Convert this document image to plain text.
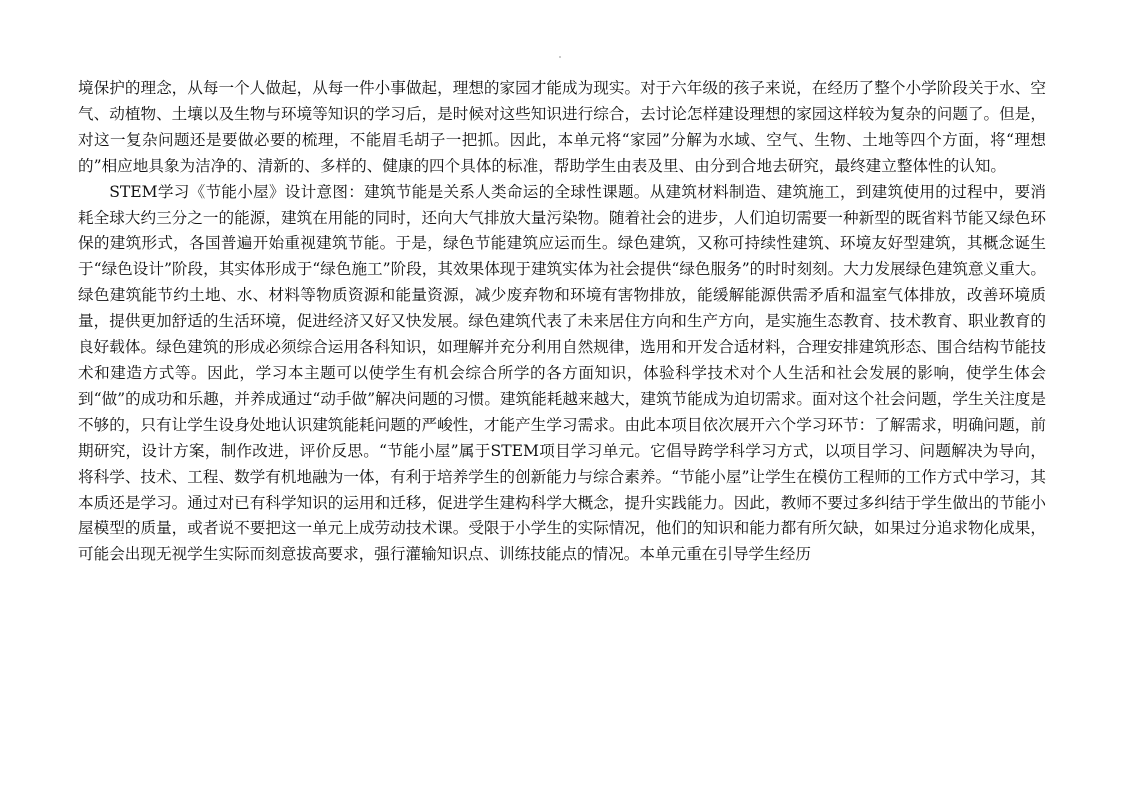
境保护的理念，从每一个人做起，从每一件小事做起，理想的家园才能成为现实。对于六年级的孩子来说，在经历了整个小学阶段关于水、空气、动植物、土壤以及生物与环境等知识的学习后，是时候对这些知识进行综合，去讨论怎样建设理想的家园这样较为复杂的问题了。但是，对这一复杂问题还是要做必要的梳理，不能眉毛胡子一把抓。因此，本单元将“家园”分解为水域、空气、生物、土地等四个方面，将“理想的”相应地具象为洁净的、清新的、多样的、健康的四个具体的标准，帮助学生由表及里、由分到合地去研究，最终建立整体性的认知。

STEM学习《节能小屋》设计意图：建筑节能是关系人类命运的全球性课题。从建筑材料制造、建筑施工，到建筑使用的过程中，要消耗全球大约三分之一的能源，建筑在用能的同时，还向大气排放大量污染物。随着社会的进步，人们迫切需要一种新型的既省料节能又绿色环保的建筑形式，各国普遍开始重视建筑节能。于是，绿色节能建筑应运而生。绿色建筑，又称可持续性建筑、环境友好型建筑，其概念诞生于“绿色设计”阶段，其实体形成于“绿色施工”阶段，其效果体现于建筑实体为社会提供“绿色服务”的时时刻刻。大力发展绿色建筑意义重大。绿色建筑能节约土地、水、材料等物质资源和能量资源，减少废弃物和环境有害物排放，能缓解能源供需矛盾和温室气体排放，改善环境质量，提供更加舒适的生活环境，促进经济又好又快发展。绿色建筑代表了未来居住方向和生产方向，是实施生态教育、技术教育、职业教育的良好载体。绿色建筑的形成必须综合运用各科知识，如理解并充分利用自然规律，选用和开发合适材料，合理安排建筑形态、围合结构节能技术和建造方式等。因此，学习本主题可以使学生有机会综合所学的各方面知识，体验科学技术对个人生活和社会发展的影响，使学生体会到“做”的成功和乐趣，并养成通过“动手做”解决问题的习惯。建筑能耗越来越大，建筑节能成为迫切需求。面对这个社会问题，学生关注度是不够的，只有让学生设身处地认识建筑能耗问题的严峻性，才能产生学习需求。由此本项目依次展开六个学习环节：了解需求，明确问题，前期研究，设计方案，制作改进，评价反思。“节能小屋”属于STEM项目学习单元。它倡导跨学科学习方式，以项目学习、问题解决为导向，将科学、技术、工程、数学有机地融为一体，有利于培养学生的创新能力与综合素养。“节能小屋”让学生在模仿工程师的工作方式中学习，其本质还是学习。通过对已有科学知识的运用和迁移，促进学生建构科学大概念，提升实践能力。因此，教师不要过多纠结于学生做出的节能小屋模型的质量，或者说不要把这一单元上成劳动技术课。受限于小学生的实际情况，他们的知识和能力都有所欠缺，如果过分追求物化成果，可能会出现无视学生实际而刻意拔高要求，强行灌输知识点、训练技能点的情况。本单元重在引导学生经历
